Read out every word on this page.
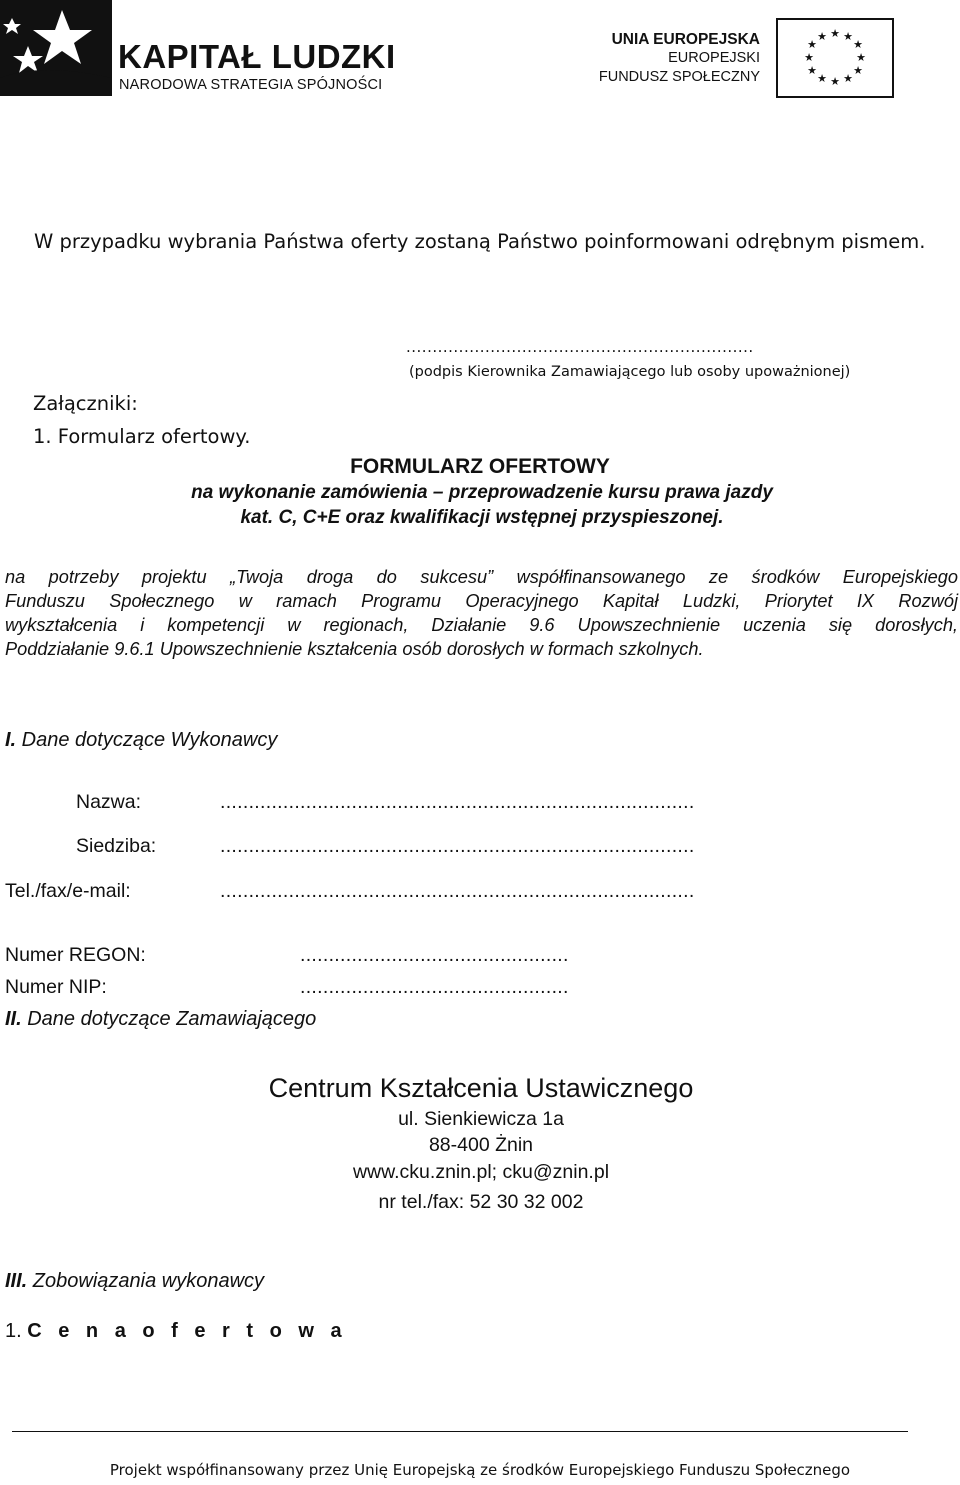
KAPITAŁ LUDZKI
NARODOWA STRATEGIA SPÓJNOŚCI
UNIA EUROPEJSKA
EUROPEJSKI
FUNDUSZ SPOŁECZNY
★ ★
★
★
★
★
★
★
★
★
★
★
W przypadku wybrania Państwa oferty zostaną Państwo poinformowani odrębnym pismem.
..................................................................
(podpis Kierownika Zamawiającego lub osoby upoważnionej)
Załączniki:
1. Formularz ofertowy.
FORMULARZ OFERTOWY
na wykonanie zamówienia – przeprowadzenie kursu prawa jazdy
kat. C, C+E oraz kwalifikacji wstępnej przyspieszonej.
na potrzeby projektu „Twoja droga do sukcesu” współfinansowanego ze środków Europejskiego
Funduszu Społecznego w ramach Programu Operacyjnego Kapitał Ludzki, Priorytet IX Rozwój
wykształcenia i kompetencji w regionach, Działanie 9.6 Upowszechnienie uczenia się dorosłych,
Poddziałanie 9.6.1 Upowszechnienie kształcenia osób dorosłych w formach szkolnych.
I. Dane dotyczące Wykonawcy
Nazwa:	...................................................................................
Siedziba:	...................................................................................
Tel./fax/e-mail:	...................................................................................
Numer REGON:	...............................................
Numer NIP:	...............................................
II. Dane dotyczące Zamawiającego
Centrum Kształcenia Ustawicznego
ul. Sienkiewicza 1a
88-400 Żnin
www.cku.znin.pl; cku@znin.pl
nr tel./fax: 52 30 32 002
III. Zobowiązania wykonawcy
1. C e n a o f e r t o w a
Projekt współfinansowany przez Unię Europejską ze środków Europejskiego Funduszu Społecznego
